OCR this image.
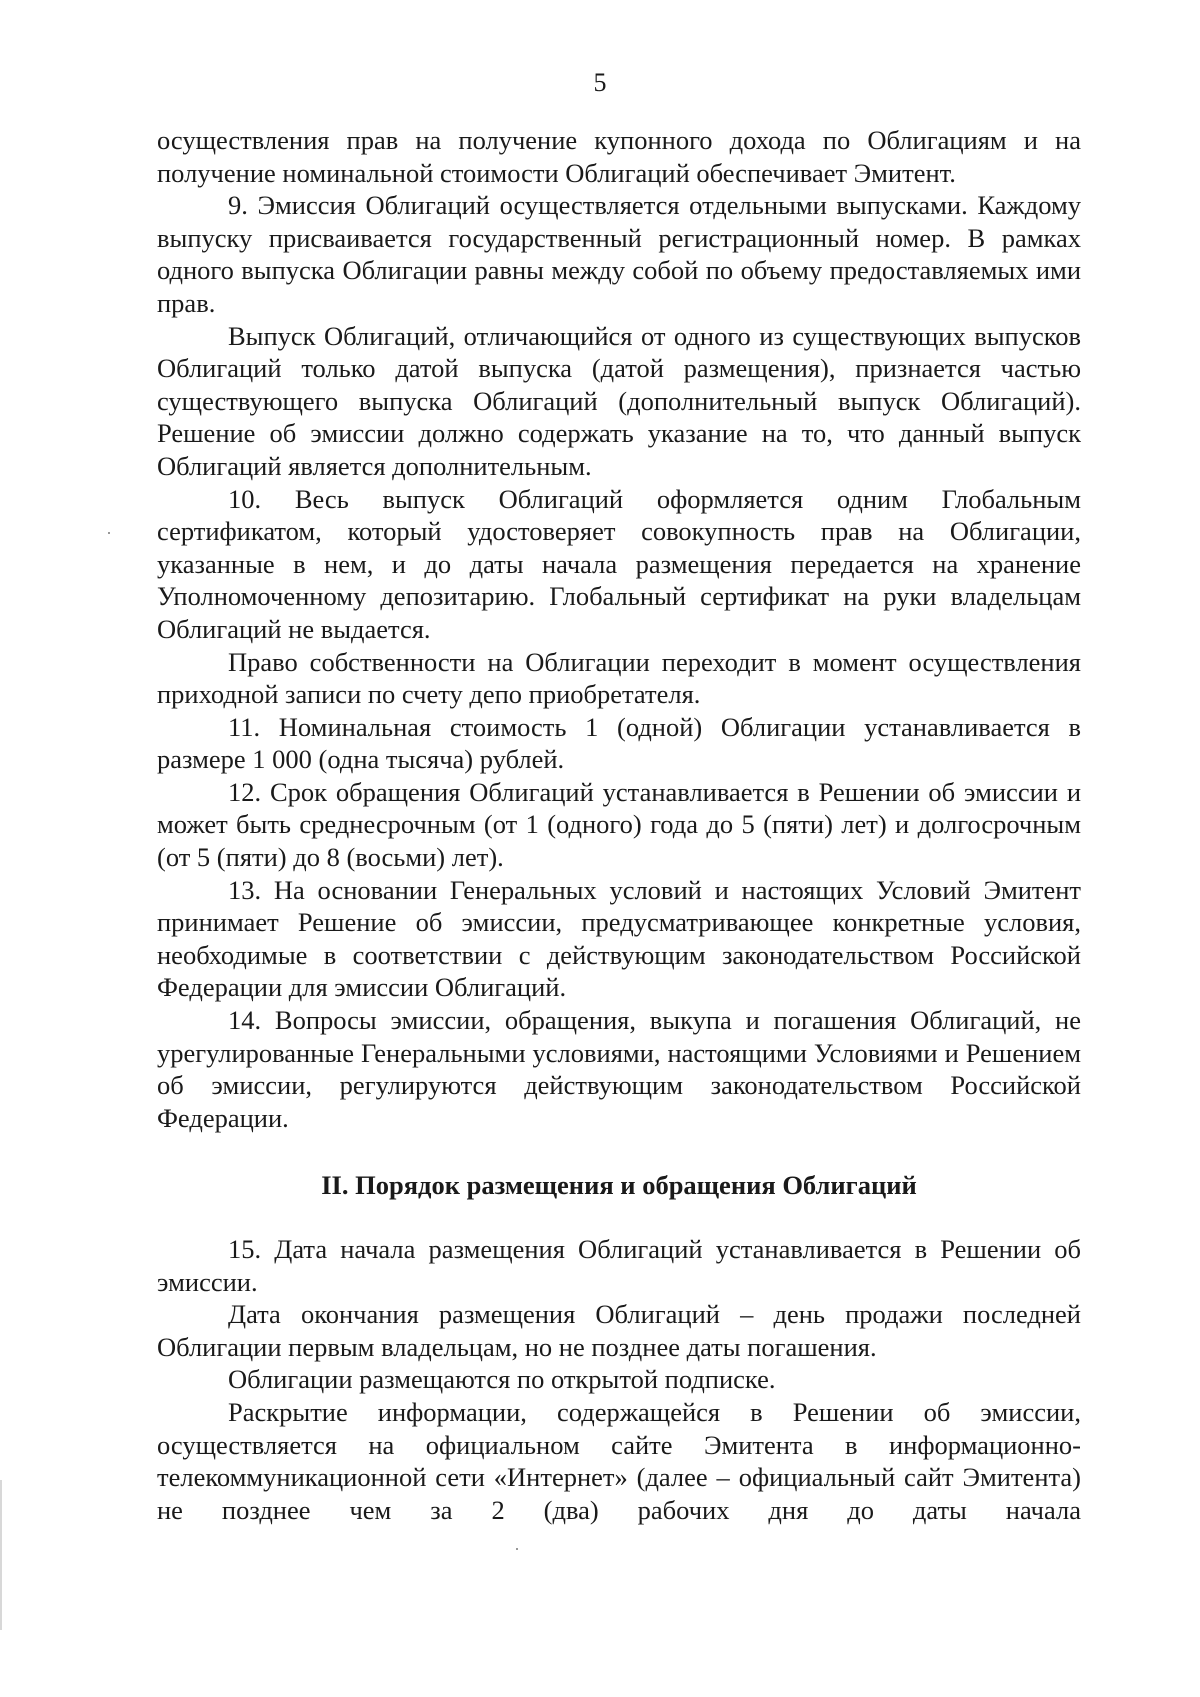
5

осуществления прав на получение купонного дохода по Облигациям и на получение номинальной стоимости Облигаций обеспечивает Эмитент.

9. Эмиссия Облигаций осуществляется отдельными выпусками. Каждому выпуску присваивается государственный регистрационный номер. В рамках одного выпуска Облигации равны между собой по объему предоставляемых ими прав.

Выпуск Облигаций, отличающийся от одного из существующих выпусков Облигаций только датой выпуска (датой размещения), признается частью существующего выпуска Облигаций (дополнительный выпуск Облигаций). Решение об эмиссии должно содержать указание на то, что данный выпуск Облигаций является дополнительным.

10. Весь выпуск Облигаций оформляется одним Глобальным сертификатом, который удостоверяет совокупность прав на Облигации, указанные в нем, и до даты начала размещения передается на хранение Уполномоченному депозитарию. Глобальный сертификат на руки владельцам Облигаций не выдается.

Право собственности на Облигации переходит в момент осуществления приходной записи по счету депо приобретателя.

11. Номинальная стоимость 1 (одной) Облигации устанавливается в размере 1 000 (одна тысяча) рублей.

12. Срок обращения Облигаций устанавливается в Решении об эмиссии и может быть среднесрочным (от 1 (одного) года до 5 (пяти) лет) и долгосрочным (от 5 (пяти) до 8 (восьми) лет).

13. На основании Генеральных условий и настоящих Условий Эмитент принимает Решение об эмиссии, предусматривающее конкретные условия, необходимые в соответствии с действующим законодательством Российской Федерации для эмиссии Облигаций.

14. Вопросы эмиссии, обращения, выкупа и погашения Облигаций, не урегулированные Генеральными условиями, настоящими Условиями и Решением об эмиссии, регулируются действующим законодательством Российской Федерации.

II. Порядок размещения и обращения Облигаций

15. Дата начала размещения Облигаций устанавливается в Решении об эмиссии.

Дата окончания размещения Облигаций – день продажи последней Облигации первым владельцам, но не позднее даты погашения.

Облигации размещаются по открытой подписке.

Раскрытие информации, содержащейся в Решении об эмиссии, осуществляется на официальном сайте Эмитента в информационно-телекоммуникационной сети «Интернет» (далее – официальный сайт Эмитента) не позднее чем за 2 (два) рабочих дня до даты начала
